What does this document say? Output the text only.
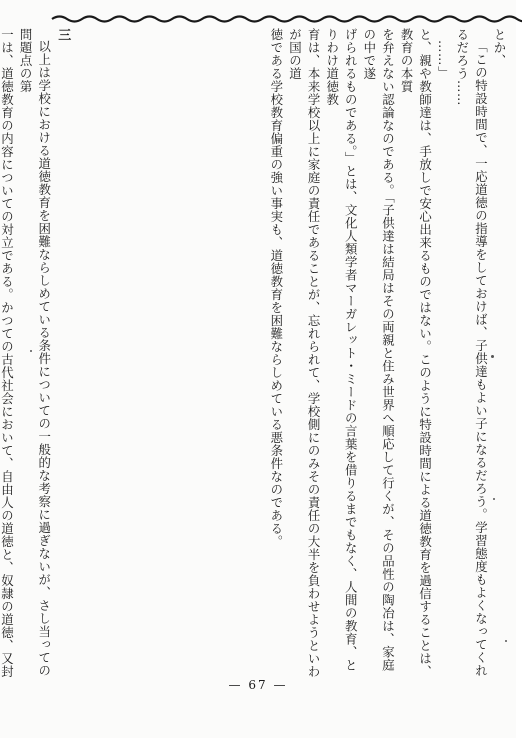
とか、

「この特設時間で、一応道徳の指導をしておけば、子供達もよい子になるだろう。学習態度もよくなってくれるだろう……

……」

と、親や教師達は、手放しで安心出来るものではない。このように特設時間による道徳教育を過信することは、教育の本質

を弁えない認論なのである。「子供達は結局はその両親と住み世界へ順応して行くが、その品性の陶冶は、家庭の中で遂

げられるものである。」とは、文化人類学者マーガレット・ミードの言葉を借りるまでもなく、人間の教育、とりわけ道徳教

育は、本来学校以上に家庭の責任であることが、忘れられて、学校側にのみその責任の大半を負わせようといわが国の道

徳である学校教育偏重の強い事実も、道徳教育を困難ならしめている悪条件なのである。

三

以上は学校における道徳教育を困難ならしめている条件についての一般的な考察に過ぎないが、さし当っての問題点の第

一は、道徳教育の内容についての対立である。かつての古代社会において、自由人の道徳と、奴隷の道徳、又封

— 67 —
